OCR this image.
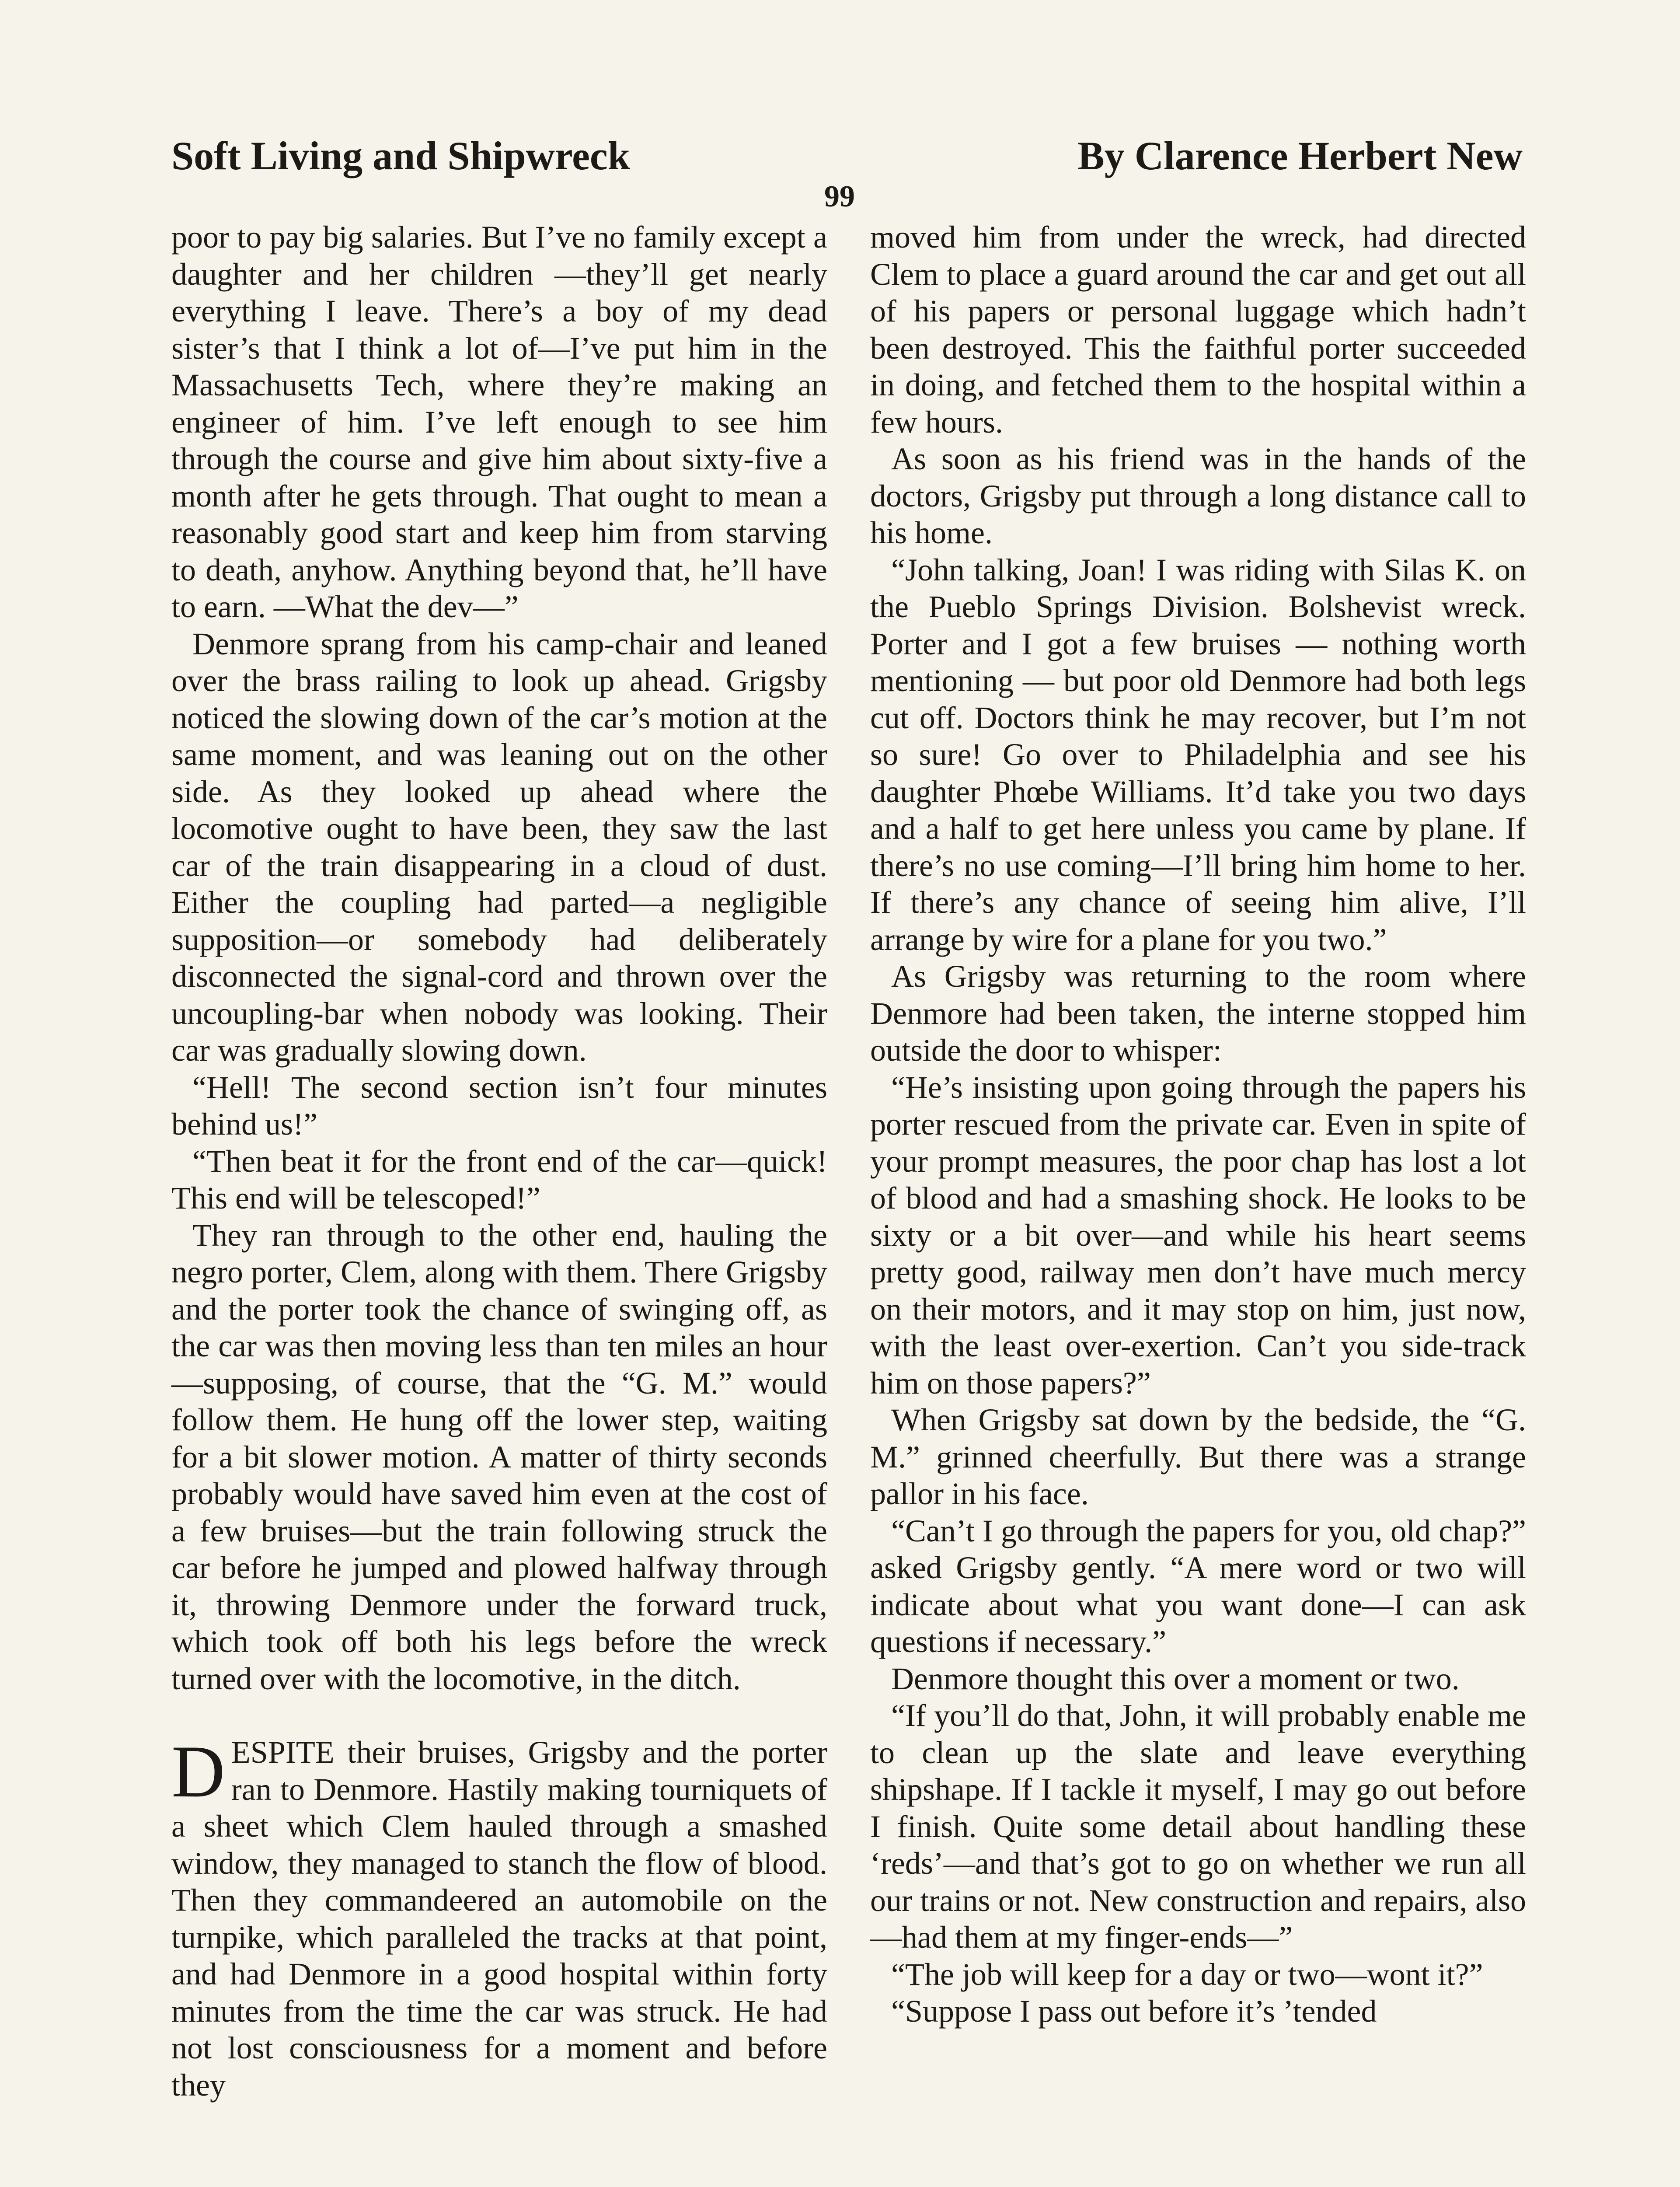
Soft Living and Shipwreck	By Clarence Herbert New
99

poor to pay big salaries. But I’ve no family except a daughter and her children —they’ll get nearly everything I leave. There’s a boy of my dead sister’s that I think a lot of—I’ve put him in the Massachusetts Tech, where they’re making an engineer of him. I’ve left enough to see him through the course and give him about sixty-five a month after he gets through. That ought to mean a reasonably good start and keep him from starving to death, anyhow. Anything beyond that, he’ll have to earn. —What the dev—”

Denmore sprang from his camp-chair and leaned over the brass railing to look up ahead. Grigsby noticed the slowing down of the car’s motion at the same moment, and was leaning out on the other side. As they looked up ahead where the locomotive ought to have been, they saw the last car of the train disappearing in a cloud of dust. Either the coupling had parted—a negligible supposition—or somebody had deliberately disconnected the signal-cord and thrown over the uncoupling-bar when nobody was looking. Their car was gradually slowing down.

“Hell! The second section isn’t four minutes behind us!”

“Then beat it for the front end of the car—quick! This end will be telescoped!”

They ran through to the other end, hauling the negro porter, Clem, along with them. There Grigsby and the porter took the chance of swinging off, as the car was then moving less than ten miles an hour—supposing, of course, that the “G. M.” would follow them. He hung off the lower step, waiting for a bit slower motion. A matter of thirty seconds probably would have saved him even at the cost of a few bruises—but the train following struck the car before he jumped and plowed halfway through it, throwing Denmore under the forward truck, which took off both his legs before the wreck turned over with the locomotive, in the ditch.

DESPITE their bruises, Grigsby and the porter ran to Denmore. Hastily making tourniquets of a sheet which Clem hauled through a smashed window, they managed to stanch the flow of blood. Then they commandeered an automobile on the turnpike, which paralleled the tracks at that point, and had Denmore in a good hospital within forty minutes from the time the car was struck. He had not lost consciousness for a moment and before they

moved him from under the wreck, had directed Clem to place a guard around the car and get out all of his papers or personal luggage which hadn’t been destroyed. This the faithful porter succeeded in doing, and fetched them to the hospital within a few hours.

As soon as his friend was in the hands of the doctors, Grigsby put through a long distance call to his home.

“John talking, Joan! I was riding with Silas K. on the Pueblo Springs Division. Bolshevist wreck. Porter and I got a few bruises — nothing worth mentioning — but poor old Denmore had both legs cut off. Doctors think he may recover, but I’m not so sure! Go over to Philadelphia and see his daughter Phœbe Williams. It’d take you two days and a half to get here unless you came by plane. If there’s no use coming—I’ll bring him home to her. If there’s any chance of seeing him alive, I’ll arrange by wire for a plane for you two.”

As Grigsby was returning to the room where Denmore had been taken, the interne stopped him outside the door to whisper:

“He’s insisting upon going through the papers his porter rescued from the private car. Even in spite of your prompt measures, the poor chap has lost a lot of blood and had a smashing shock. He looks to be sixty or a bit over—and while his heart seems pretty good, railway men don’t have much mercy on their motors, and it may stop on him, just now, with the least over-exertion. Can’t you side-track him on those papers?”

When Grigsby sat down by the bedside, the “G. M.” grinned cheerfully. But there was a strange pallor in his face.

“Can’t I go through the papers for you, old chap?” asked Grigsby gently. “A mere word or two will indicate about what you want done—I can ask questions if necessary.”

Denmore thought this over a moment or two.

“If you’ll do that, John, it will probably enable me to clean up the slate and leave everything shipshape. If I tackle it myself, I may go out before I finish. Quite some detail about handling these ‘reds’—and that’s got to go on whether we run all our trains or not. New construction and repairs, also—had them at my finger-ends—”

“The job will keep for a day or two—wont it?”

“Suppose I pass out before it’s ’tended
